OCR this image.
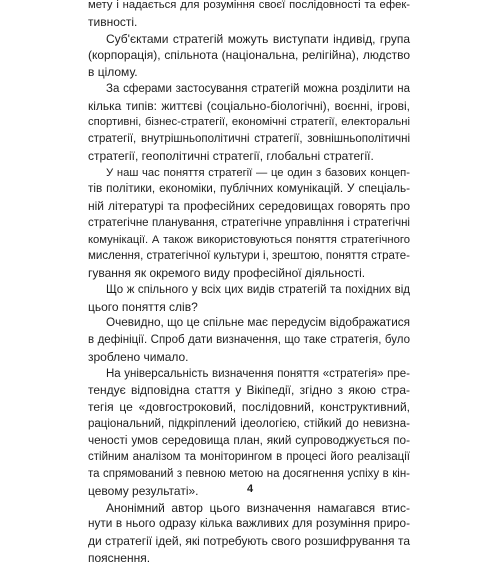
мету і надається для розуміння своєї послідовності та ефек-
тивності.
Суб'єктами стратегій можуть виступати індивід, група
(корпорація), спільнота (національна, релігійна), людство
в цілому.
За сферами застосування стратегій можна розділити на
кілька типів: життєві (соціально-біологічні), воєнні, ігрові,
спортивні, бізнес-стратегії, економічні стратегії, електоральні
стратегії, внутрішньополітичні стратегії, зовнішньополітичні
стратегії, геополітичні стратегії, глобальні стратегії.
У наш час поняття стратегії — це один з базових концеп-
тів політики, економіки, публічних комунікацій. У спеціаль-
ній літературі та професійних середовищах говорять про
стратегічне планування, стратегічне управління і стратегічні
комунікації. А також використовуються поняття стратегічного
мислення, стратегічної культури і, зрештою, поняття страте-
гування як окремого виду професійної діяльності.
Що ж спільного у всіх цих видів стратегій та похідних від
цього поняття слів?
Очевидно, що це спільне має передусім відображатися
в дефініції. Спроб дати визначення, що таке стратегія, було
зроблено чимало.
На універсальність визначення поняття «стратегія» пре-
тендує відповідна стаття у Вікіпедії, згідно з якою стра-
тегія це «довгостроковий, послідовний, конструктивний,
раціональний, підкріплений ідеологією, стійкий до невизна-
ченості умов середовища план, який супроводжується по-
стійним аналізом та моніторингом в процесі його реалізації
та спрямований з певною метою на досягнення успіху в кін-
цевому результаті».
Анонімний автор цього визначення намагався втис-
нути в нього одразу кілька важливих для розуміння приро-
ди стратегії ідей, які потребують свого розшифрування та
пояснення.
4
